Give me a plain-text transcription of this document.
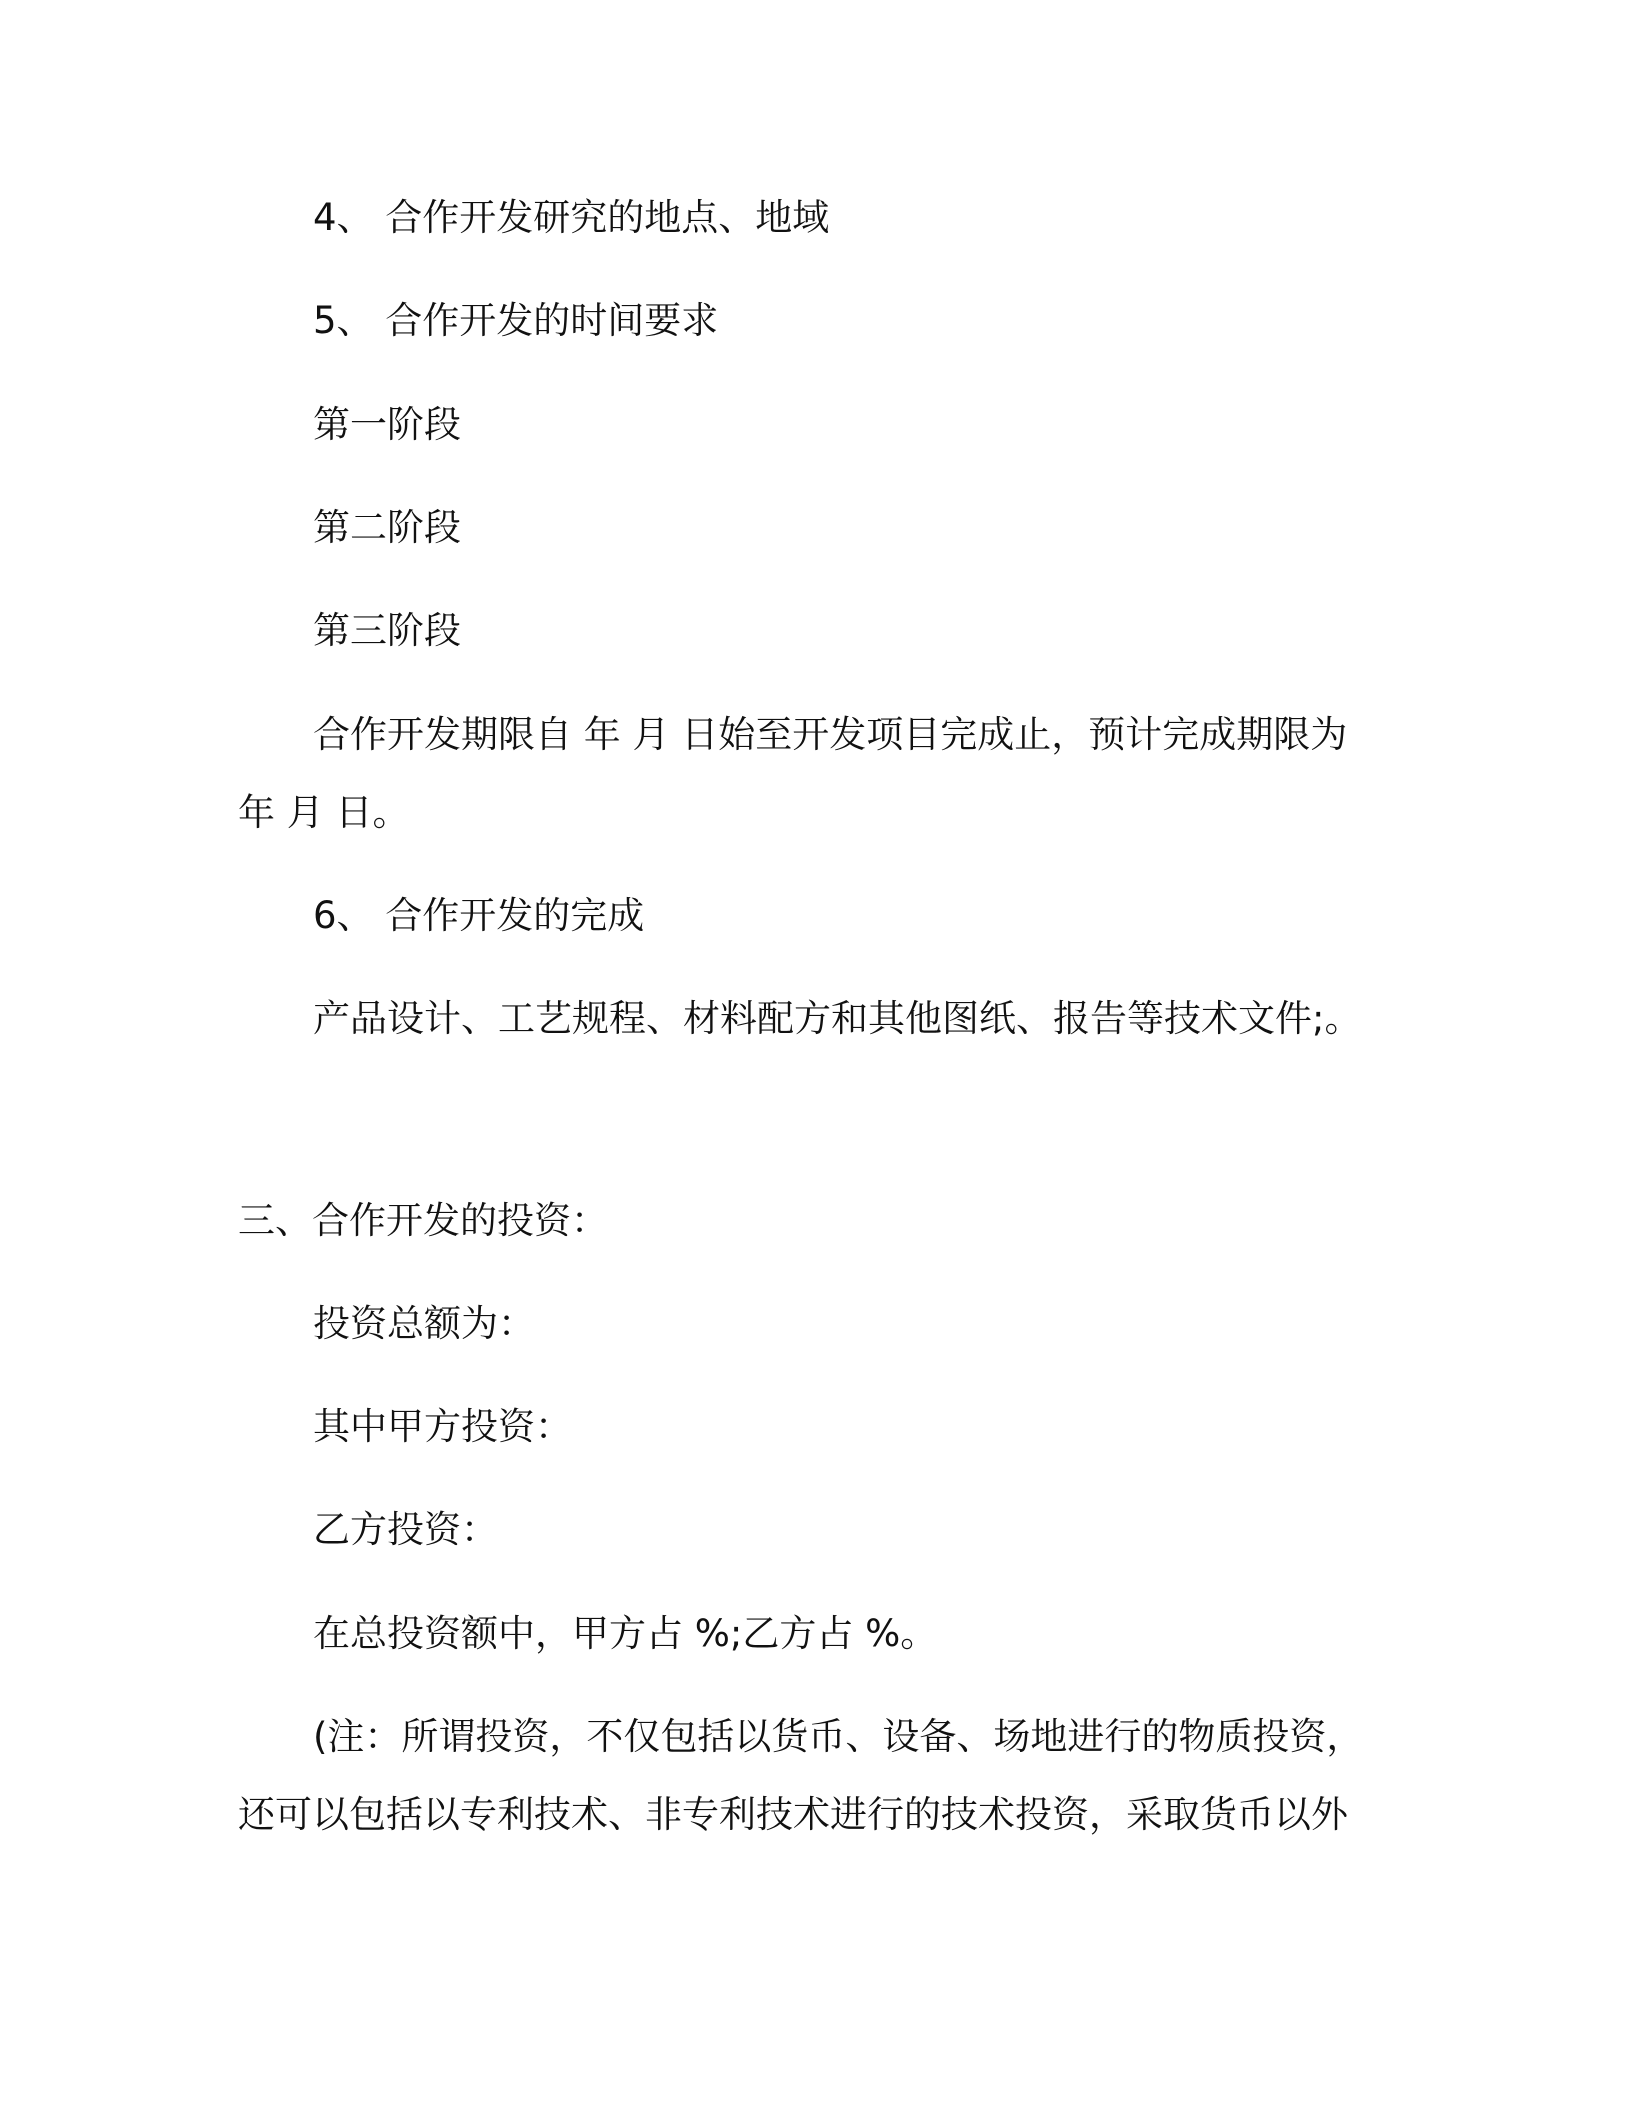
4、 合作开发研究的地点、地域

5、 合作开发的时间要求

第一阶段

第二阶段

第三阶段

合作开发期限自 年 月 日始至开发项目完成止，预计完成期限为

年 月 日。

6、 合作开发的完成

产品设计、工艺规程、材料配方和其他图纸、报告等技术文件;。

三、合作开发的投资：

投资总额为：

其中甲方投资：

乙方投资：

在总投资额中，甲方占 %;乙方占 %。

(注：所谓投资，不仅包括以货币、设备、场地进行的物质投资，

还可以包括以专利技术、非专利技术进行的技术投资，采取货币以外
